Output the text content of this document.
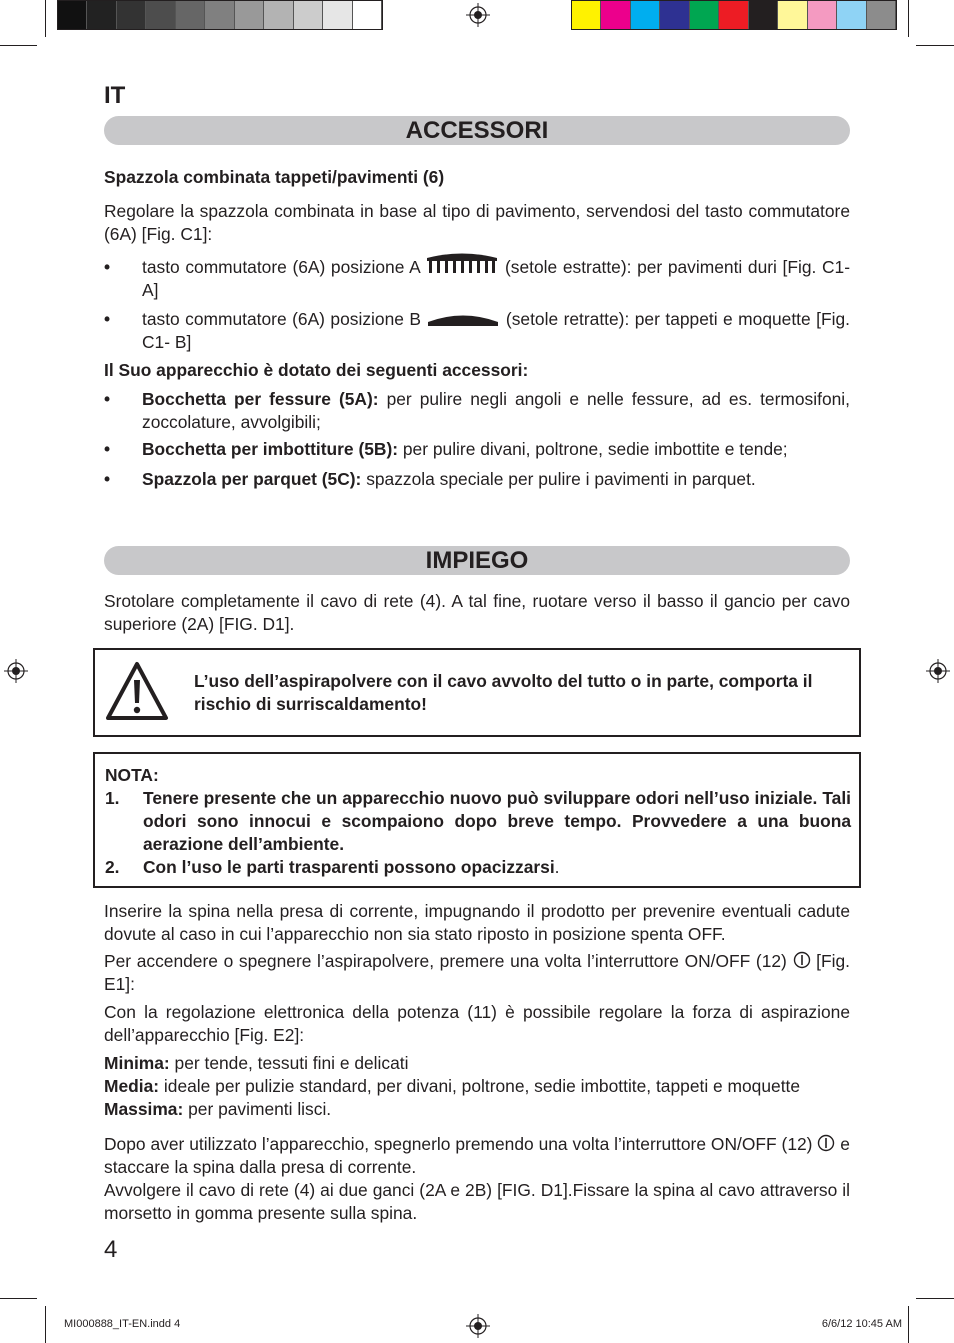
IT
ACCESSORI
Spazzola combinata tappeti/pavimenti (6)
Regolare la spazzola combinata in base al tipo di pavimento, servendosi del tasto commutatore (6A) [Fig. C1]:
• tasto commutatore (6A) posizione A	(setole estratte): per pavimenti duri [Fig. C1-A]
• tasto commutatore (6A) posizione B	(setole retratte): per tappeti e moquette [Fig. C1- B]
Il Suo apparecchio è dotato dei seguenti accessori:
• Bocchetta per fessure (5A): per pulire negli angoli e nelle fessure, ad es. termosifoni, zoccolature, avvolgibili;
• Bocchetta per imbottiture (5B): per pulire divani, poltrone, sedie imbottite e tende;
• Spazzola per parquet (5C): spazzola speciale per pulire i pavimenti in parquet.
IMPIEGO
Srotolare completamente il cavo di rete (4). A tal fine, ruotare verso il basso il gancio per cavo superiore (2A) [FIG. D1].
L’uso dell’aspirapolvere con il cavo avvolto del tutto o in parte, comporta il rischio di surriscaldamento!
NOTA:
1. Tenere presente che un apparecchio nuovo può sviluppare odori nell’uso iniziale. Tali odori sono innocui e scompaiono dopo breve tempo. Provvedere a una buona aerazione dell’ambiente.
2. Con l’uso le parti trasparenti possono opacizzarsi.
Inserire la spina nella presa di corrente, impugnando il prodotto per prevenire eventuali cadute dovute al caso in cui l’apparecchio non sia stato riposto in posizione spenta OFF.
Per accendere o spegnere l’aspirapolvere, premere una volta l’interruttore ON/OFF (12) [Fig. E1]:
Con la regolazione elettronica della potenza (11) è possibile regolare la forza di aspirazione dell’apparecchio [Fig. E2]:
Minima: per tende, tessuti fini e delicati
Media: ideale per pulizie standard, per divani, poltrone, sedie imbottite, tappeti e moquette
Massima: per pavimenti lisci.
Dopo aver utilizzato l’apparecchio, spegnerlo premendo una volta l’interruttore ON/OFF (12) e staccare la spina dalla presa di corrente.
Avvolgere il cavo di rete (4) ai due ganci (2A e 2B) [FIG. D1].Fissare la spina al cavo attraverso il morsetto in gomma presente sulla spina.
4
MI000888_IT-EN.indd 4	6/6/12 10:45 AM
